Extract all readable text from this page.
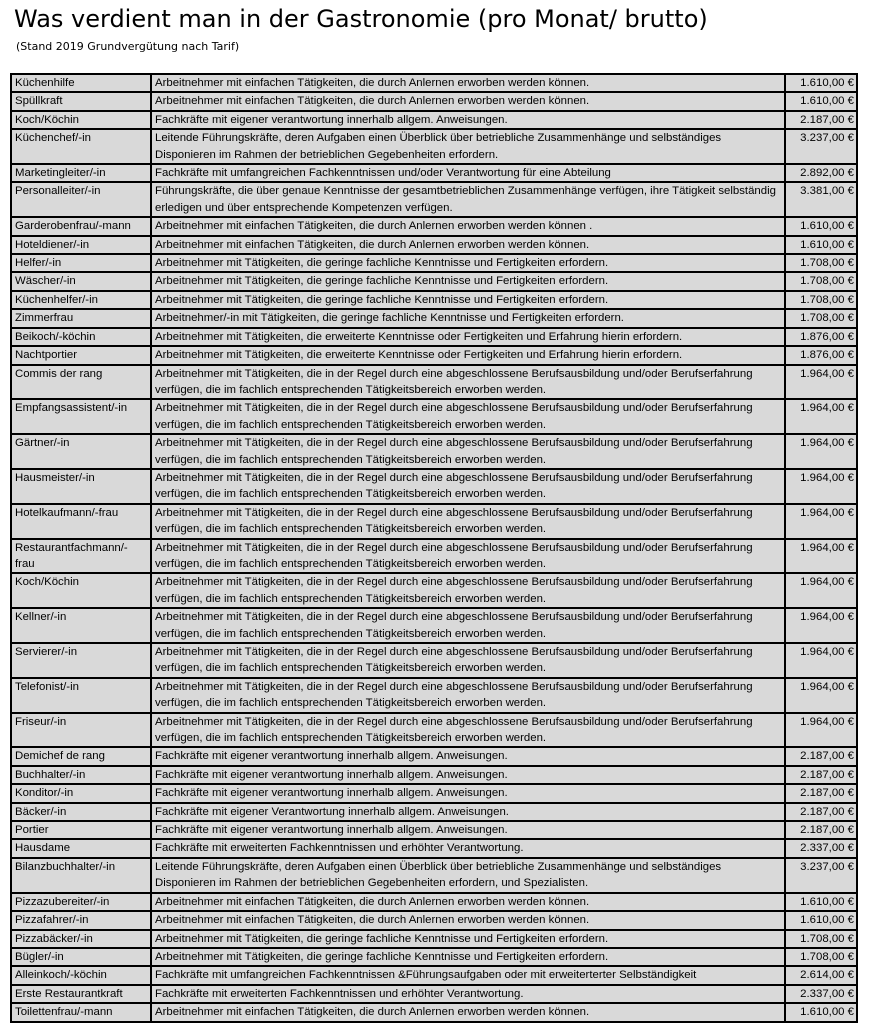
Was verdient man in der Gastronomie (pro Monat/ brutto)
(Stand 2019 Grundvergütung nach Tarif)
Küchenhilfe	Arbeitnehmer mit einfachen Tätigkeiten, die durch Anlernen erworben werden können.	1.610,00 €
Spüllkraft	Arbeitnehmer mit einfachen Tätigkeiten, die durch Anlernen erworben werden können.	1.610,00 €
Koch/Köchin	Fachkräfte mit eigener verantwortung innerhalb allgem. Anweisungen.	2.187,00 €
Küchenchef/-in	Leitende Führungskräfte, deren Aufgaben einen Überblick über betriebliche Zusammenhänge und selbständiges Disponieren im Rahmen der betrieblichen Gegebenheiten erfordern.	3.237,00 €
Marketingleiter/-in	Fachkräfte mit umfangreichen Fachkenntnissen und/oder Verantwortung für eine Abteilung	2.892,00 €
Personalleiter/-in	Führungskräfte, die über genaue Kenntnisse der gesamtbetrieblichen Zusammenhänge verfügen, ihre Tätigkeit selbständig erledigen und über entsprechende Kompetenzen verfügen.	3.381,00 €
Garderobenfrau/-mann	Arbeitnehmer mit einfachen Tätigkeiten, die durch Anlernen erworben werden können .	1.610,00 €
Hoteldiener/-in	Arbeitnehmer mit einfachen Tätigkeiten, die durch Anlernen erworben werden können.	1.610,00 €
Helfer/-in	Arbeitnehmer mit Tätigkeiten, die geringe fachliche Kenntnisse und Fertigkeiten erfordern.	1.708,00 €
Wäscher/-in	Arbeitnehmer mit Tätigkeiten, die geringe fachliche Kenntnisse und Fertigkeiten erfordern.	1.708,00 €
Küchenhelfer/-in	Arbeitnehmer mit Tätigkeiten, die geringe fachliche Kenntnisse und Fertigkeiten erfordern.	1.708,00 €
Zimmerfrau	Arbeitnehmer/-in mit Tätigkeiten, die geringe fachliche Kenntnisse und Fertigkeiten erfordern.	1.708,00 €
Beikoch/-köchin	Arbeitnehmer mit Tätigkeiten, die erweiterte Kenntnisse oder Fertigkeiten und Erfahrung hierin erfordern.	1.876,00 €
Nachtportier	Arbeitnehmer mit Tätigkeiten, die erweiterte Kenntnisse oder Fertigkeiten und Erfahrung hierin erfordern.	1.876,00 €
Commis der rang	Arbeitnehmer mit Tätigkeiten, die in der Regel durch eine abgeschlossene Berufsausbildung und/oder Berufserfahrung verfügen, die im fachlich entsprechenden Tätigkeitsbereich erworben werden.	1.964,00 €
Empfangsassistent/-in	Arbeitnehmer mit Tätigkeiten, die in der Regel durch eine abgeschlossene Berufsausbildung und/oder Berufserfahrung verfügen, die im fachlich entsprechenden Tätigkeitsbereich erworben werden.	1.964,00 €
Gärtner/-in	Arbeitnehmer mit Tätigkeiten, die in der Regel durch eine abgeschlossene Berufsausbildung und/oder Berufserfahrung verfügen, die im fachlich entsprechenden Tätigkeitsbereich erworben werden.	1.964,00 €
Hausmeister/-in	Arbeitnehmer mit Tätigkeiten, die in der Regel durch eine abgeschlossene Berufsausbildung und/oder Berufserfahrung verfügen, die im fachlich entsprechenden Tätigkeitsbereich erworben werden.	1.964,00 €
Hotelkaufmann/-frau	Arbeitnehmer mit Tätigkeiten, die in der Regel durch eine abgeschlossene Berufsausbildung und/oder Berufserfahrung verfügen, die im fachlich entsprechenden Tätigkeitsbereich erworben werden.	1.964,00 €
Restaurantfachmann/-frau	Arbeitnehmer mit Tätigkeiten, die in der Regel durch eine abgeschlossene Berufsausbildung und/oder Berufserfahrung verfügen, die im fachlich entsprechenden Tätigkeitsbereich erworben werden.	1.964,00 €
Koch/Köchin	Arbeitnehmer mit Tätigkeiten, die in der Regel durch eine abgeschlossene Berufsausbildung und/oder Berufserfahrung verfügen, die im fachlich entsprechenden Tätigkeitsbereich erworben werden.	1.964,00 €
Kellner/-in	Arbeitnehmer mit Tätigkeiten, die in der Regel durch eine abgeschlossene Berufsausbildung und/oder Berufserfahrung verfügen, die im fachlich entsprechenden Tätigkeitsbereich erworben werden.	1.964,00 €
Servierer/-in	Arbeitnehmer mit Tätigkeiten, die in der Regel durch eine abgeschlossene Berufsausbildung und/oder Berufserfahrung verfügen, die im fachlich entsprechenden Tätigkeitsbereich erworben werden.	1.964,00 €
Telefonist/-in	Arbeitnehmer mit Tätigkeiten, die in der Regel durch eine abgeschlossene Berufsausbildung und/oder Berufserfahrung verfügen, die im fachlich entsprechenden Tätigkeitsbereich erworben werden.	1.964,00 €
Friseur/-in	Arbeitnehmer mit Tätigkeiten, die in der Regel durch eine abgeschlossene Berufsausbildung und/oder Berufserfahrung verfügen, die im fachlich entsprechenden Tätigkeitsbereich erworben werden.	1.964,00 €
Demichef de rang	Fachkräfte mit eigener verantwortung innerhalb allgem. Anweisungen.	2.187,00 €
Buchhalter/-in	Fachkräfte mit eigener verantwortung innerhalb allgem. Anweisungen.	2.187,00 €
Konditor/-in	Fachkräfte mit eigener verantwortung innerhalb allgem. Anweisungen.	2.187,00 €
Bäcker/-in	Fachkräfte mit eigener Verantwortung innerhalb allgem. Anweisungen.	2.187,00 €
Portier	Fachkräfte mit eigener verantwortung innerhalb allgem. Anweisungen.	2.187,00 €
Hausdame	Fachkräfte mit erweiterten Fachkenntnissen und erhöhter Verantwortung.	2.337,00 €
Bilanzbuchhalter/-in	Leitende Führungskräfte, deren Aufgaben einen Überblick über betriebliche Zusammenhänge und selbständiges Disponieren im Rahmen der betrieblichen Gegebenheiten erfordern, und Spezialisten.	3.237,00 €
Pizzazubereiter/-in	Arbeitnehmer mit einfachen Tätigkeiten, die durch Anlernen erworben werden können.	1.610,00 €
Pizzafahrer/-in	Arbeitnehmer mit einfachen Tätigkeiten, die durch Anlernen erworben werden können.	1.610,00 €
Pizzabäcker/-in	Arbeitnehmer mit Tätigkeiten, die geringe fachliche Kenntnisse und Fertigkeiten erfordern.	1.708,00 €
Bügler/-in	Arbeitnehmer mit Tätigkeiten, die geringe fachliche Kenntnisse und Fertigkeiten erfordern.	1.708,00 €
Alleinkoch/-köchin	Fachkräfte mit umfangreichen Fachkenntnissen &Führungsaufgaben oder mit erweiterterter Selbständigkeit	2.614,00 €
Erste Restaurantkraft	Fachkräfte mit erweiterten Fachkenntnissen und erhöhter Verantwortung.	2.337,00 €
Toilettenfrau/-mann	Arbeitnehmer mit einfachen Tätigkeiten, die durch Anlernen erworben werden können.	1.610,00 €
